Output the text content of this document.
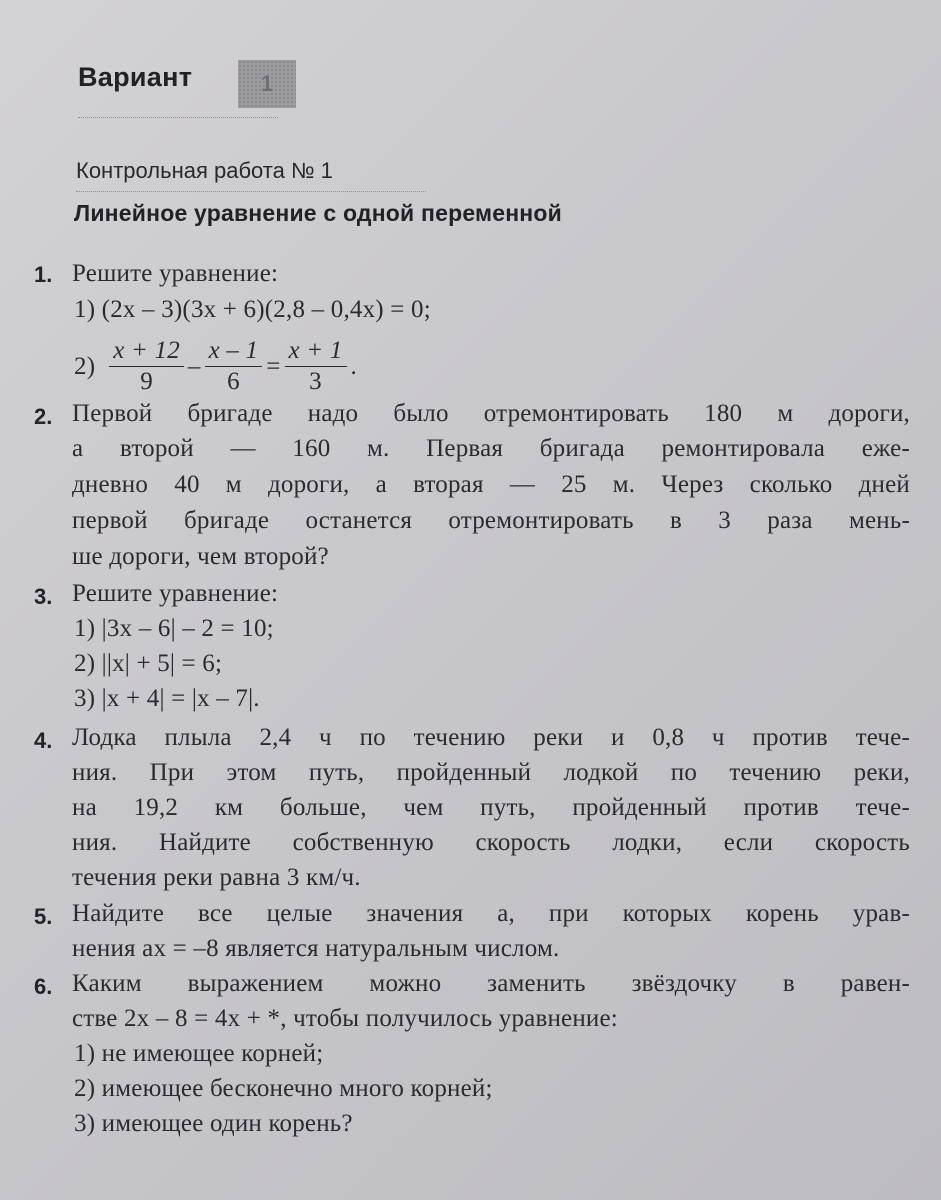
Вариант	1
Контрольная работа № 1
Линейное уравнение с одной переменной
1. Решите уравнение:
1) (2x – 3)(3x + 6)(2,8 – 0,4x) = 0;
$2) \frac{x + 12}{9} - \frac{x - 1}{6} = \frac{x + 1}{3}$ .
2. Первой бригаде надо было отремонтировать 180 м дороги,
а второй — 160 м. Первая бригада ремонтировала еже-
дневно 40 м дороги, а вторая — 25 м. Через сколько дней
первой бригаде останется отремонтировать в 3 раза мень-
ше дороги, чем второй?
3. Решите уравнение:
1) |3x – 6| – 2 = 10;
2) ||x| + 5| = 6;
3) |x + 4| = |x – 7|.
4. Лодка плыла 2,4 ч по течению реки и 0,8 ч против тече-
ния. При этом путь, пройденный лодкой по течению реки,
на 19,2 км больше, чем путь, пройденный против тече-
ния. Найдите собственную скорость лодки, если скорость
течения реки равна 3 км/ч.
5. Найдите все целые значения a, при которых корень урав-
нения ax = –8 является натуральным числом.
6. Каким выражением можно заменить звёздочку в равен-
стве 2x – 8 = 4x + *, чтобы получилось уравнение:
1) не имеющее корней;
2) имеющее бесконечно много корней;
3) имеющее один корень?
